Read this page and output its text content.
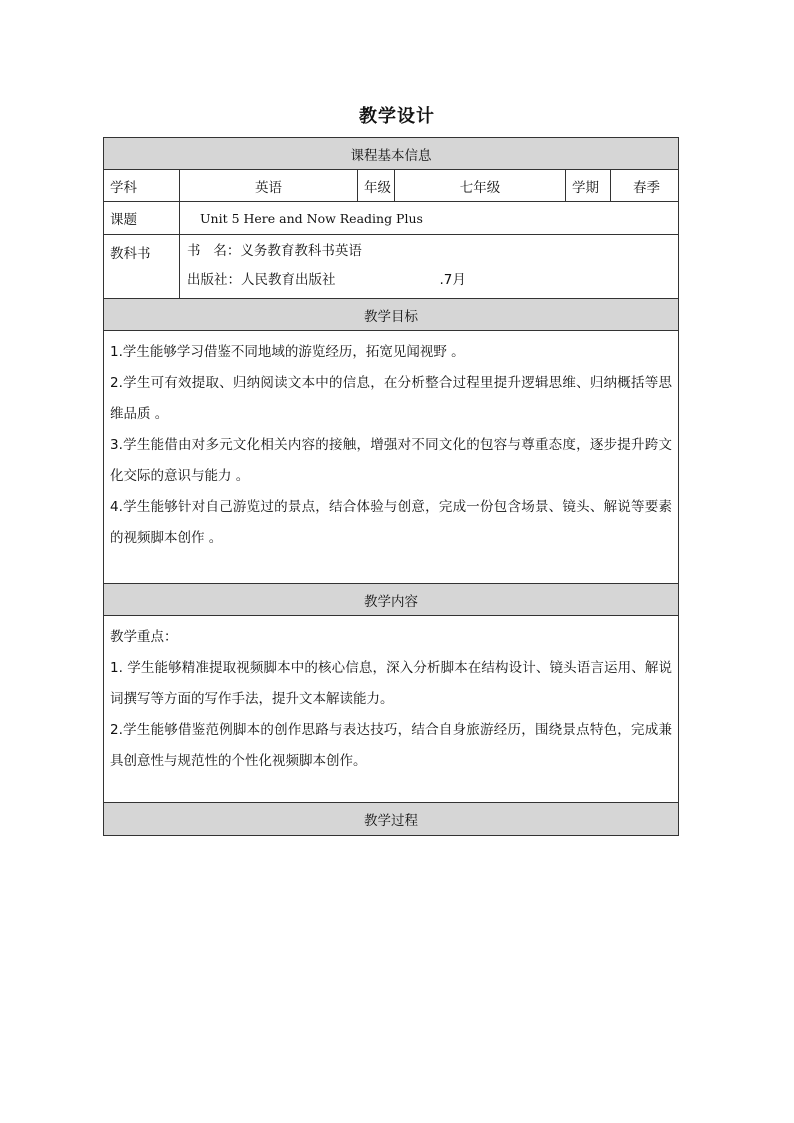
教学设计
课程基本信息
学科	英语	年级	七年级	学期	春季
课题	Unit 5 Here and Now Reading Plus
教科书	书   名：义务教育教科书英语
出版社：人民教育出版社	.7月
教学目标

1.学生能够学习借鉴不同地域的游览经历，拓宽见闻视野 。

2.学生可有效提取、归纳阅读文本中的信息，在分析整合过程里提升逻辑思维、归纳概括等思维品质 。

3.学生能借由对多元文化相关内容的接触，增强对不同文化的包容与尊重态度，逐步提升跨文化交际的意识与能力 。

4.学生能够针对自己游览过的景点，结合体验与创意，完成一份包含场景、镜头、解说等要素的视频脚本创作 。

教学内容

教学重点：

1. 学生能够精准提取视频脚本中的核心信息，深入分析脚本在结构设计、镜头语言运用、解说词撰写等方面的写作手法，提升文本解读能力。

2.学生能够借鉴范例脚本的创作思路与表达技巧，结合自身旅游经历，围绕景点特色，完成兼具创意性与规范性的个性化视频脚本创作。

教学过程
